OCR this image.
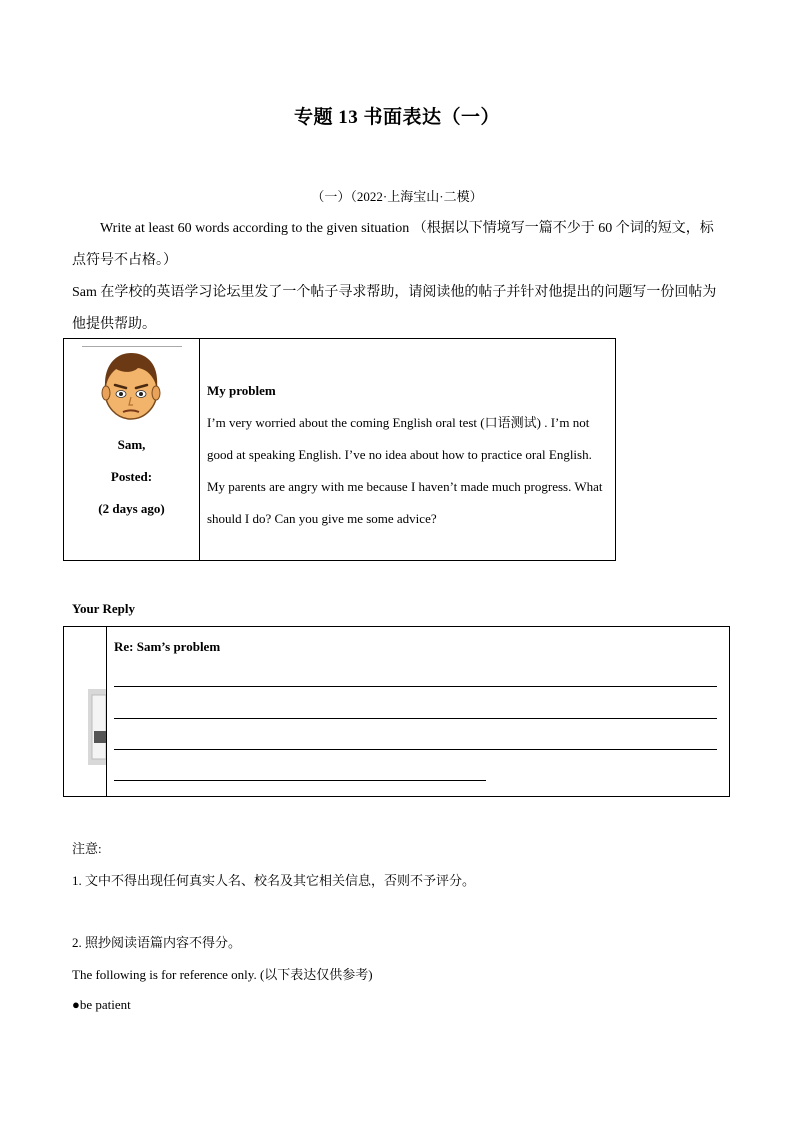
专题 13 书面表达（一）
（一）（2022·上海宝山·二模）
Write at least 60 words according to the given situation （根据以下情境写一篇不少于 60 个词的短文，标点符号不占格。）
Sam 在学校的英语学习论坛里发了一个帖子寻求帮助，请阅读他的帖子并针对他提出的问题写一份回帖为他提供帮助。
Sam,
Posted:
(2 days ago)
My problem
I’m very worried about the coming English oral test (口语测试) . I’m not good at speaking English. I’ve no idea about how to practice oral English. My parents are angry with me because I haven’t made much progress. What should I do? Can you give me some advice?
Your Reply
Re: Sam’s problem
注意:
1. 文中不得出现任何真实人名、校名及其它相关信息，否则不予评分。
2. 照抄阅读语篇内容不得分。
The following is for reference only. (以下表达仅供参考)
●be patient
